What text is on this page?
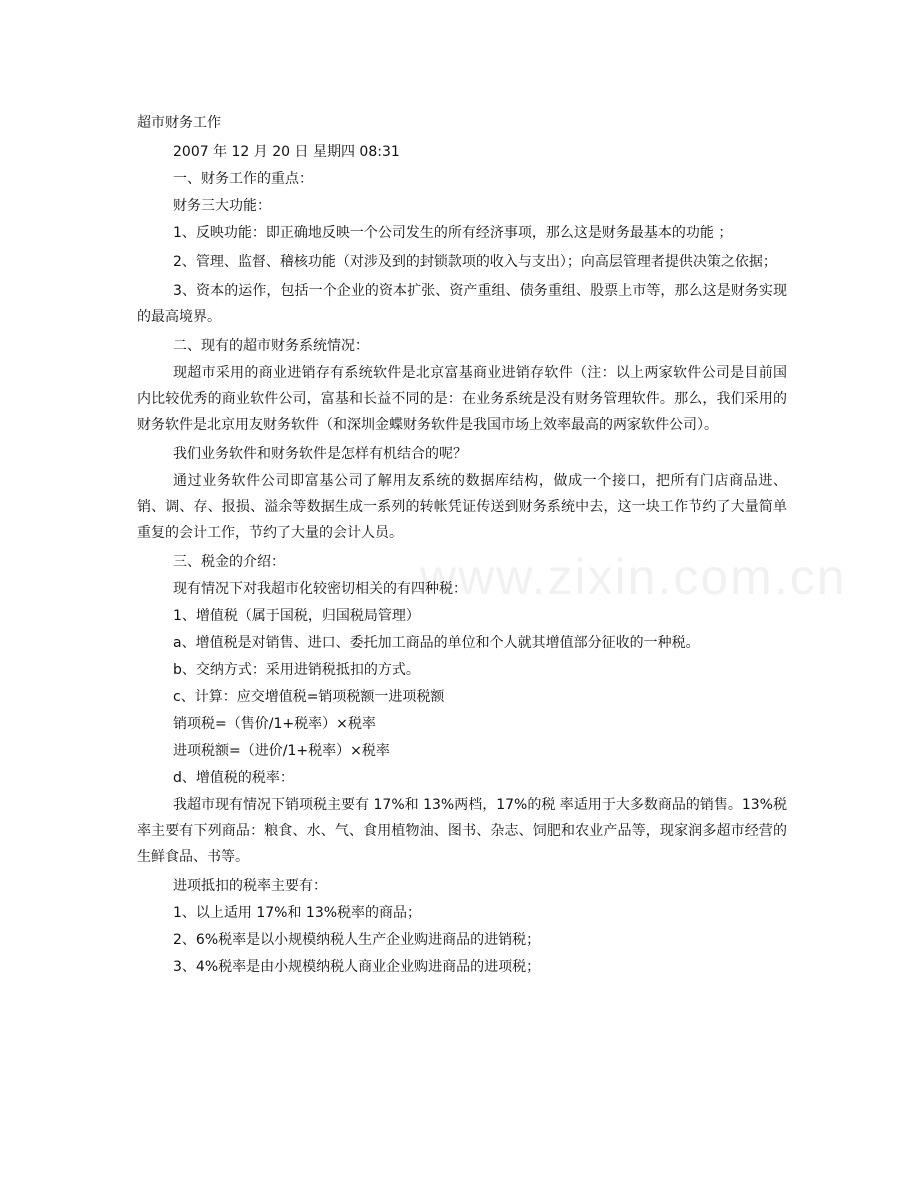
超市财务工作

2007 年 12 月 20 日 星期四 08:31

一、财务工作的重点：

财务三大功能：

1、反映功能：即正确地反映一个公司发生的所有经济事项，那么这是财务最基本的功能 ；

2、管理、监督、稽核功能（对涉及到的封锁款项的收入与支出）；向高层管理者提供决策之依据；

3、资本的运作，包括一个企业的资本扩张、资产重组、债务重组、股票上市等，那么这是财务实现的最高境界。

二、现有的超市财务系统情况：

现超市采用的商业进销存有系统软件是北京富基商业进销存软件（注：以上两家软件公司是目前国内比较优秀的商业软件公司，富基和长益不同的是：在业务系统是没有财务管理软件。那么，我们采用的财务软件是北京用友财务软件（和深圳金蝶财务软件是我国市场上效率最高的两家软件公司）。

我们业务软件和财务软件是怎样有机结合的呢？

通过业务软件公司即富基公司了解用友系统的数据库结构，做成一个接口，把所有门店商品进、销、调、存、报损、溢余等数据生成一系列的转帐凭证传送到财务系统中去，这一块工作节约了大量简单重复的会计工作，节约了大量的会计人员。

三、税金的介绍：

现有情况下对我超市化较密切相关的有四种税：

1、增值税（属于国税，归国税局管理）

a、增值税是对销售、进口、委托加工商品的单位和个人就其增值部分征收的一种税。

b、交纳方式：采用进销税抵扣的方式。

c、计算：应交增值税=销项税额一进项税额

销项税=（售价/1+税率）×税率

进项税额=（进价/1+税率）×税率

d、增值税的税率：

我超市现有情况下销项税主要有 17%和 13%两档，17%的税 率适用于大多数商品的销售。13%税率主要有下列商品：粮食、水、气、食用植物油、图书、杂志、饲肥和农业产品等，现家润多超市经营的生鲜食品、书等。

进项抵扣的税率主要有：

1、以上适用 17%和 13%税率的商品；

2、6%税率是以小规模纳税人生产企业购进商品的进销税；

3、4%税率是由小规模纳税人商业企业购进商品的进项税；

www.zixin.com.cn
